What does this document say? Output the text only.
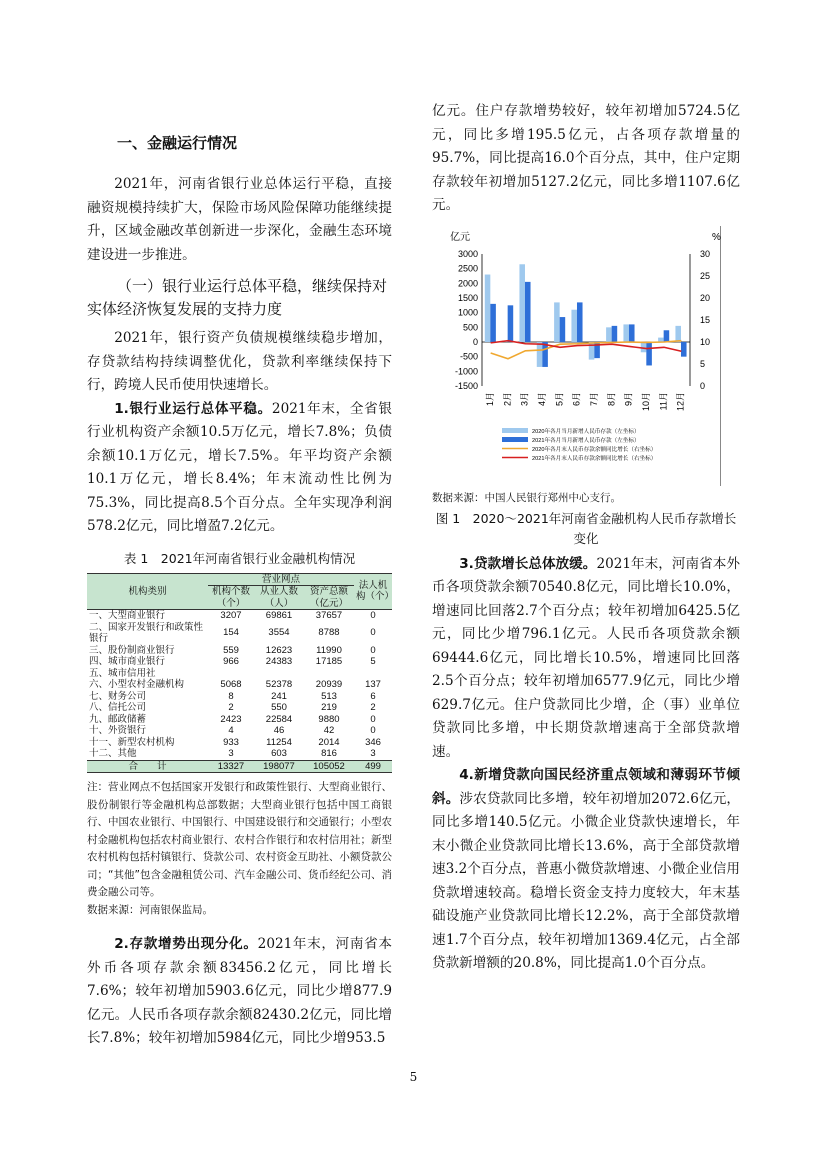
一、金融运行情况

2021年，河南省银行业总体运行平稳，直接融资规模持续扩大，保险市场风险保障功能继续提升，区域金融改革创新进一步深化，金融生态环境建设进一步推进。

（一）银行业运行总体平稳，继续保持对实体经济恢复发展的支持力度

2021年，银行资产负债规模继续稳步增加，存贷款结构持续调整优化，贷款利率继续保持下行，跨境人民币使用快速增长。

1.银行业运行总体平稳。2021年末，全省银行业机构资产余额10.5万亿元，增长7.8%；负债余额10.1万亿元，增长7.5%。年平均资产余额10.1万亿元，增长8.4%；年末流动性比例为75.3%，同比提高8.5个百分点。全年实现净利润578.2亿元，同比增盈7.2亿元。

表 1　2021年河南省银行业金融机构情况
机构类别	营业网点			法人机构（个）
	机构个数（个）	从业人数（人）	资产总额（亿元）	
一、大型商业银行	3207	69861	37657	0
二、国家开发银行和政策性银行	154	3554	8788	0
三、股份制商业银行	559	12623	11990	0
四、城市商业银行	966	24383	17185	5
五、城市信用社				
六、小型农村金融机构	5068	52378	20939	137
七、财务公司	8	241	513	6
八、信托公司	2	550	219	2
九、邮政储蓄	2423	22584	9880	0
十、外资银行	4	46	42	0
十一、新型农村机构	933	11254	2014	346
十二、其他	3	603	816	3
合　　计	13327	198077	105052	499
注：营业网点不包括国家开发银行和政策性银行、大型商业银行、股份制银行等金融机构总部数据；大型商业银行包括中国工商银行、中国农业银行、中国银行、中国建设银行和交通银行；小型农村金融机构包括农村商业银行、农村合作银行和农村信用社；新型农村机构包括村镇银行、贷款公司、农村资金互助社、小额贷款公司；“其他”包含金融租赁公司、汽车金融公司、货币经纪公司、消费金融公司等。
数据来源：河南银保监局。

2.存款增势出现分化。2021年末，河南省本外币各项存款余额83456.2亿元，同比增长7.6%；较年初增加5903.6亿元，同比少增877.9亿元。人民币各项存款余额82430.2亿元，同比增长7.8%；较年初增加5984亿元，同比少增953.5

亿元。住户存款增势较好，较年初增加5724.5亿元，同比多增195.5亿元，占各项存款增量的95.7%，同比提高16.0个百分点，其中，住户定期存款较年初增加5127.2亿元，同比多增1107.6亿元。

亿元	%
3000
2500
2000
1500
1000
500
0
-500
-1000
-1500
30
25
20
15
10
5
0
1月 2月 3月 4月 5月 6月 7月 8月 9月 10月 11月 12月
2020年各月当月新增人民币存款（左坐标）
2021年各月当月新增人民币存款（左坐标）
2020年各月末人民币存款余额同比增长（右坐标）
2021年各月末人民币存款余额同比增长（右坐标）
数据来源：中国人民银行郑州中心支行。
图 1　2020～2021年河南省金融机构人民币存款增长变化

3.贷款增长总体放缓。2021年末，河南省本外币各项贷款余额70540.8亿元，同比增长10.0%，增速同比回落2.7个百分点；较年初增加6425.5亿元，同比少增796.1亿元。人民币各项贷款余额69444.6亿元，同比增长10.5%，增速同比回落2.5个百分点；较年初增加6577.9亿元，同比少增629.7亿元。住户贷款同比少增，企（事）业单位贷款同比多增，中长期贷款增速高于全部贷款增速。

4.新增贷款向国民经济重点领域和薄弱环节倾斜。涉农贷款同比多增，较年初增加2072.6亿元，同比多增140.5亿元。小微企业贷款快速增长，年末小微企业贷款同比增长13.6%，高于全部贷款增速3.2个百分点，普惠小微贷款增速、小微企业信用贷款增速较高。稳增长资金支持力度较大，年末基础设施产业贷款同比增长12.2%，高于全部贷款增速1.7个百分点，较年初增加1369.4亿元，占全部贷款新增额的20.8%，同比提高1.0个百分点。

5
